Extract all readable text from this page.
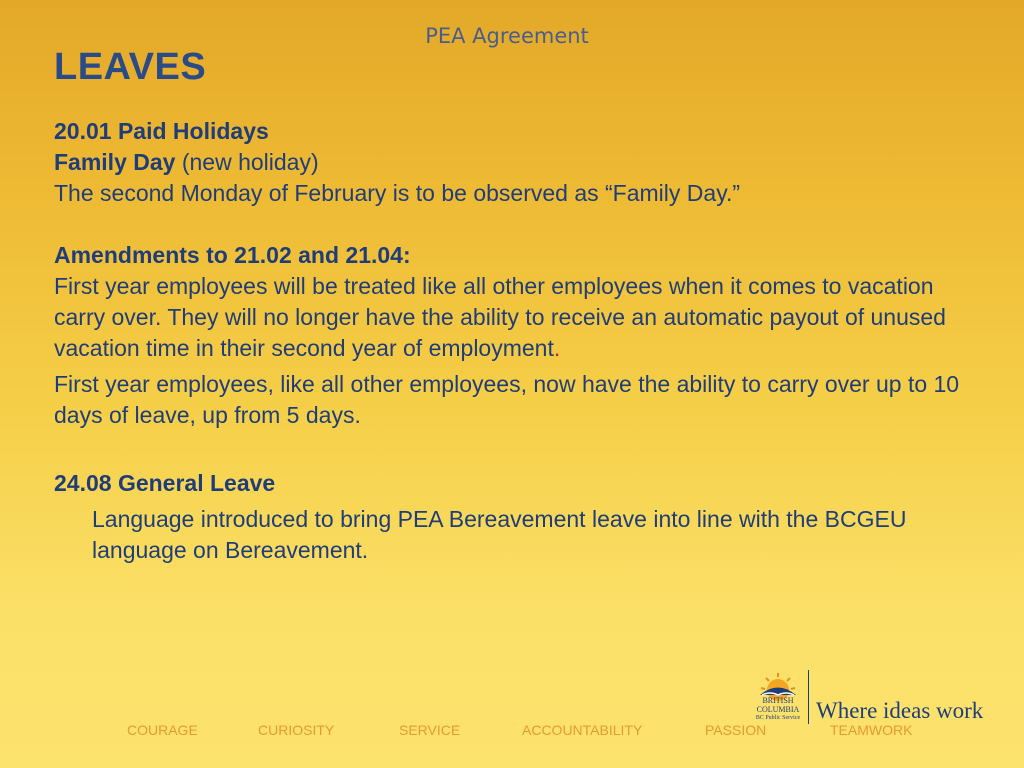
PEA Agreement
LEAVES

20.01 Paid Holidays

Family Day (new holiday)

The second Monday of February is to be observed as “Family Day.”

Amendments to 21.02 and 21.04:

First year employees will be treated like all other employees when it comes to vacation carry over. They will no longer have the ability to receive an automatic payout of unused vacation time in their second year of employment.

First year employees, like all other employees, now have the ability to carry over up to 10 days of leave, up from 5 days.

24.08 General Leave

Language introduced to bring PEA Bereavement leave into line with the BCGEU language on Bereavement.

COURAGE	CURIOSITY	SERVICE	ACCOUNTABILITY	PASSION	TEAMWORK
BRITISH
COLUMBIA
BC Public Service Where ideas work
